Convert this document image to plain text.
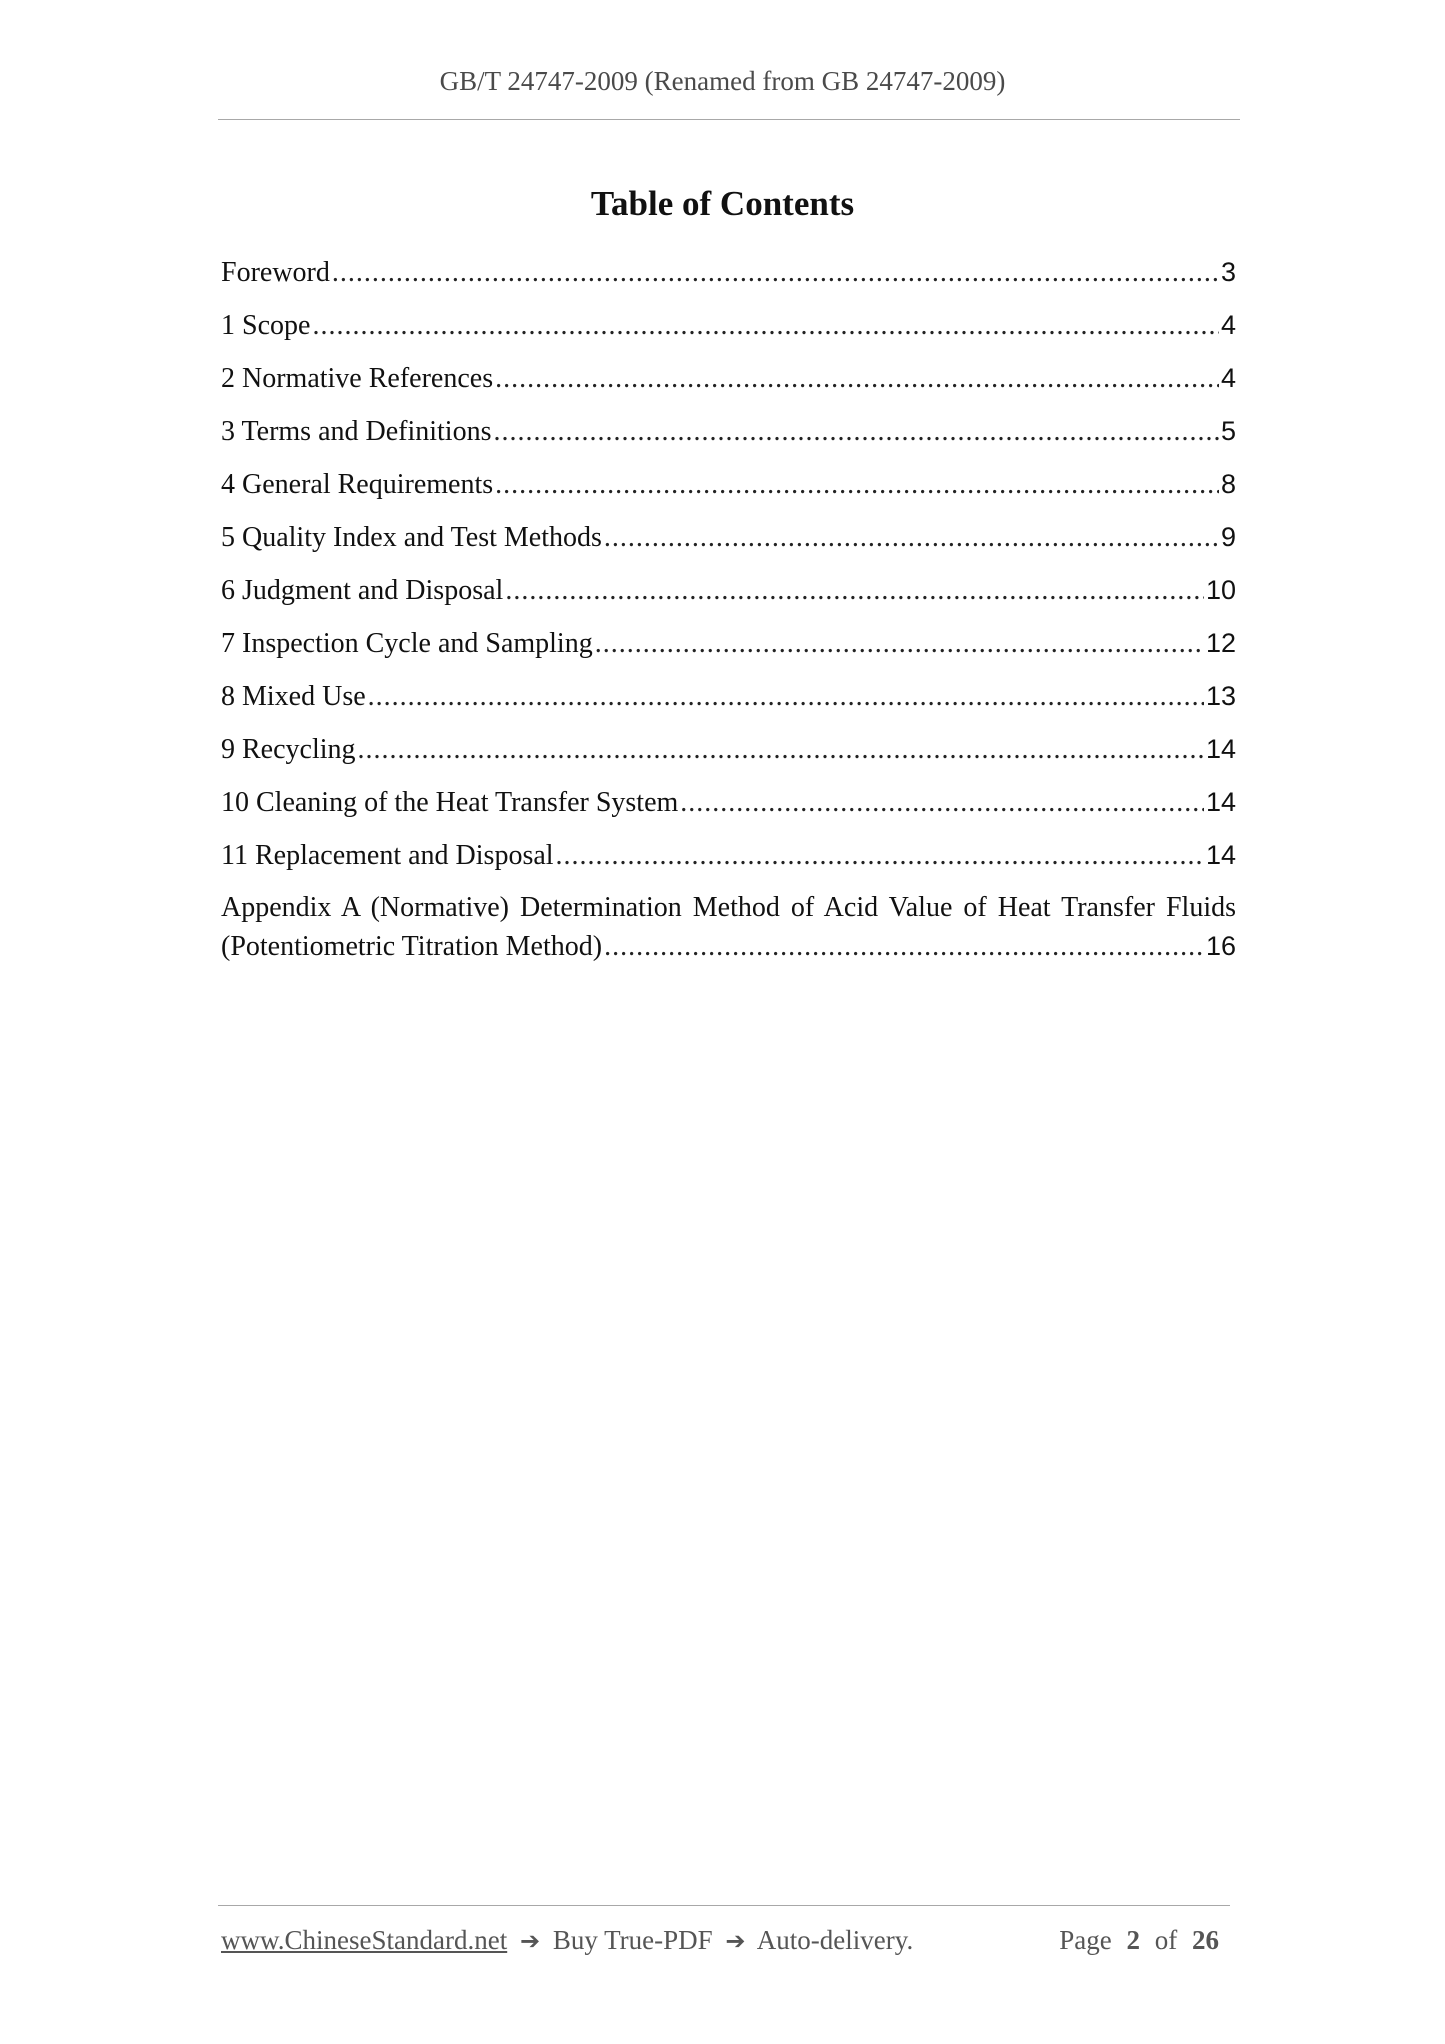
GB/T 24747-2009 (Renamed from GB 24747-2009)
Table of Contents
Foreword . . .	3
1 Scope . . .	4
2 Normative References . . .	4
3 Terms and Definitions . . .	5
4 General Requirements . . .	8
5 Quality Index and Test Methods . . .	9
6 Judgment and Disposal . . .	10
7 Inspection Cycle and Sampling . . .	12
8 Mixed Use . . .	13
9 Recycling . . .	14
10 Cleaning of the Heat Transfer System . . .	14
11 Replacement and Disposal . . .	14
Appendix A (Normative) Determination Method of Acid Value of Heat Transfer Fluids
(Potentiometric Titration Method) . . .	16
www.ChineseStandard.net ➔ Buy True-PDF ➔ Auto-delivery.	Page 2 of 26
